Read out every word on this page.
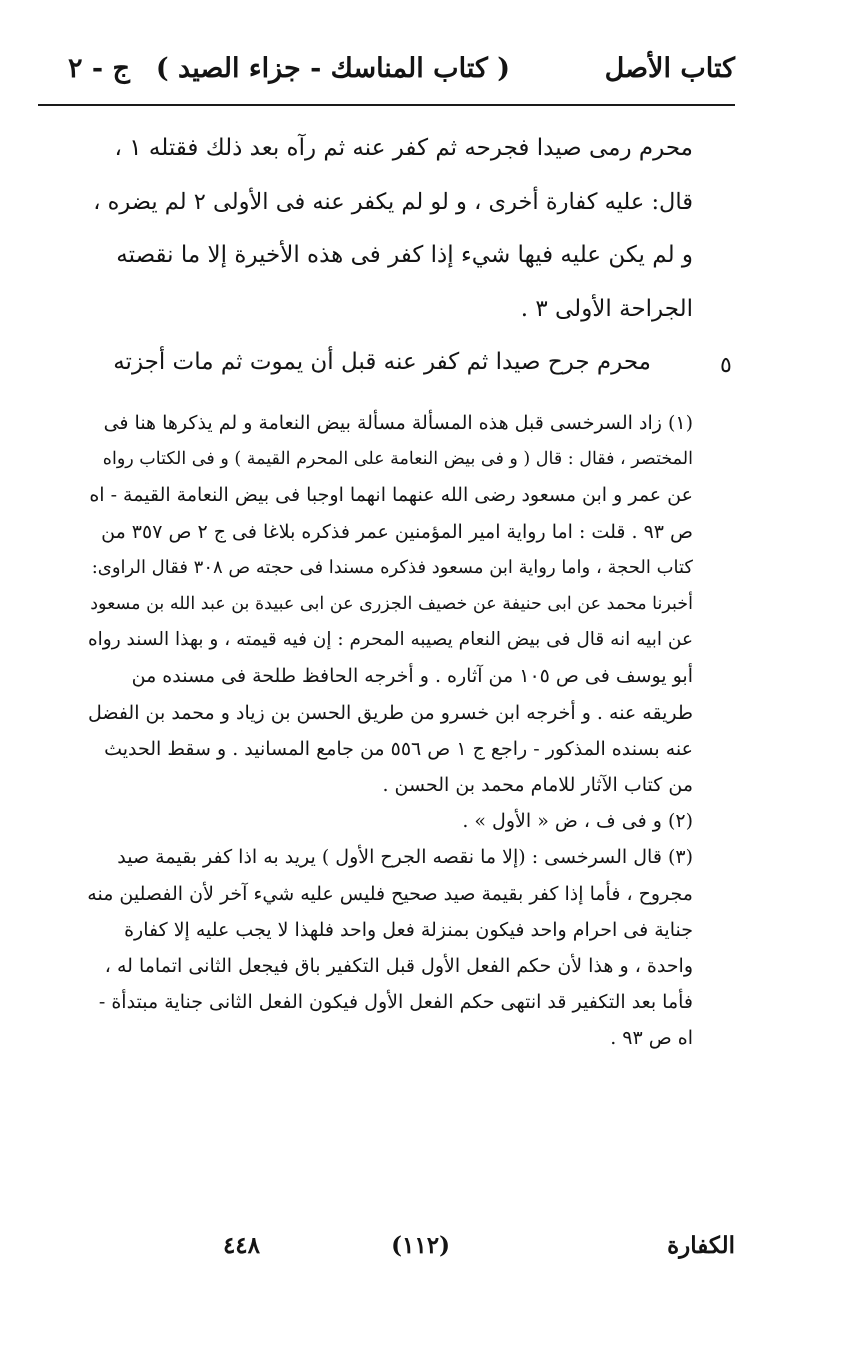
كتاب الأصل
( كتاب المناسك - جزاء الصيد )
ج - ٢

محرم رمى صيدا فجرحه ثم كفر عنه ثم رآه بعد ذلك فقتله ١ ،

قال: عليه كفارة أخرى ، و لو لم يكفر عنه فى الأولى ٢ لم يضره ،

و لم يكن عليه فيها شيء إذا كفر فى هذه الأخيرة إلا ما نقصته

الجراحة الأولى ٣ .

محرم جرح صيدا ثم كفر عنه قبل أن يموت ثم مات أجزته	٥

(١) زاد السرخسى قبل هذه المسألة مسألة بيض النعامة و لم يذكرها هنا فى

المختصر ، فقال : قال ( و فى بيض النعامة على المحرم القيمة ) و فى الكتاب رواه

عن عمر و ابن مسعود رضى الله عنهما انهما اوجبا فى بيض النعامة القيمة - اه

ص ٩٣ . قلت : اما رواية امير المؤمنين عمر فذكره بلاغا فى ج ٢ ص ٣٥٧ من

كتاب الحجة ، واما رواية ابن مسعود فذكره مسندا فى حجته ص ٣٠٨ فقال الراوى:

أخبرنا محمد عن ابى حنيفة عن خصيف الجزرى عن ابى عبيدة بن عبد الله بن مسعود

عن ابيه انه قال فى بيض النعام يصيبه المحرم : إن فيه قيمته ، و بهذا السند رواه

أبو يوسف فى ص ١٠٥ من آثاره . و أخرجه الحافظ طلحة فى مسنده من

طريقه عنه . و أخرجه ابن خسرو من طريق الحسن بن زياد و محمد بن الفضل

عنه بسنده المذكور - راجع ج ١ ص ٥٥٦ من جامع المسانيد . و سقط الحديث

من كتاب الآثار للامام محمد بن الحسن .

(٢) و فى ف ، ض « الأول » .

(٣) قال السرخسى : (إلا ما نقصه الجرح الأول ) يريد به اذا كفر بقيمة صيد

مجروح ، فأما إذا كفر بقيمة صيد صحيح فليس عليه شيء آخر لأن الفصلين منه

جناية فى احرام واحد فيكون بمنزلة فعل واحد فلهذا لا يجب عليه إلا كفارة

واحدة ، و هذا لأن حكم الفعل الأول قبل التكفير باق فيجعل الثانى اتماما له ،

فأما بعد التكفير قد انتهى حكم الفعل الأول فيكون الفعل الثانى جناية مبتدأة -

اه ص ٩٣ .

الكفارة
(١١٢)
٤٤٨
